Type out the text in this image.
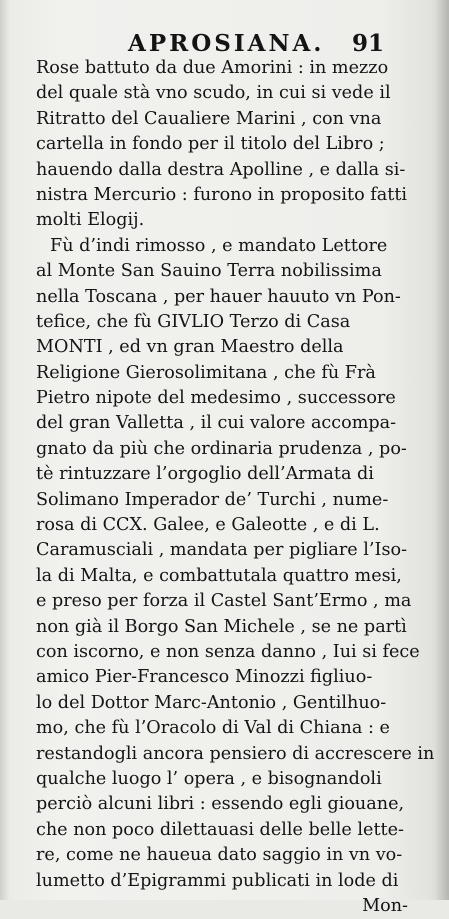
APROSIANA. 91
Rose battuto da due Amorini : in mezzo
del quale stà vno scudo, in cui si vede il
Ritratto del Caualiere Marini , con vna
cartella in fondo per il titolo del Libro ;
hauendo dalla destra Apolline , e dalla si-
nistra Mercurio : furono in proposito fatti
molti Elogij.
Fù d’indi rimosso , e mandato Lettore
al Monte San Sauino Terra nobilissima
nella Toscana , per hauer hauuto vn Pon-
tefice, che fù GIVLIO Terzo di Casa
MONTI , ed vn gran Maestro della
Religione Gierosolimitana , che fù Frà
Pietro nipote del medesimo , successore
del gran Valletta , il cui valore accompa-
gnato da più che ordinaria prudenza , po-
tè rintuzzare l’orgoglio dell’Armata di
Solimano Imperador de’ Turchi , nume-
rosa di CCX. Galee, e Galeotte , e di L.
Caramusciali , mandata per pigliare l’Iso-
la di Malta, e combattutala quattro mesi,
e preso per forza il Castel Sant’Ermo , ma
non già il Borgo San Michele , se ne partì
con iscorno, e non senza danno , Iui si fece
amico Pier-Francesco Minozzi figliuo-
lo del Dottor Marc-Antonio , Gentilhuo-
mo, che fù l’Oracolo di Val di Chiana : e
restandogli ancora pensiero di accrescere in
qualche luogo l’ opera , e bisognandoli
perciò alcuni libri : essendo egli giouane,
che non poco dilettauasi delle belle lette-
re, come ne haueua dato saggio in vn vo-
lumetto d’Epigrammi publicati in lode di
Mon-
